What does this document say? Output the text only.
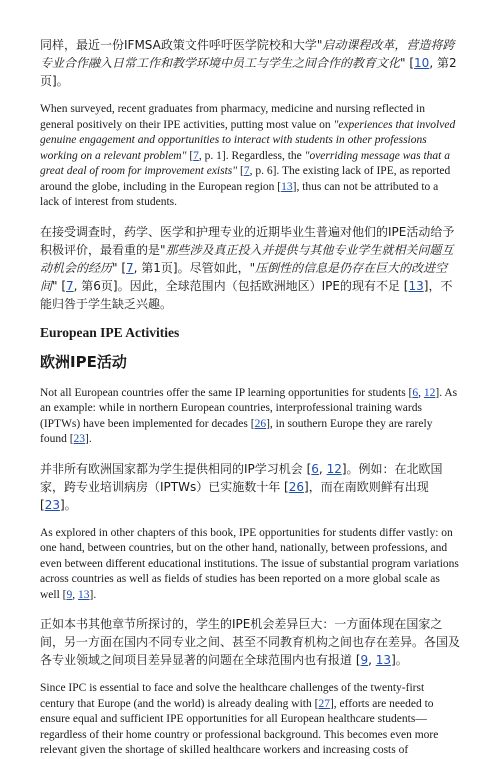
同样，最近一份IFMSA政策文件呼吁医学院校和大学"启动课程改革，营造将跨专业合作融入日常工作和教学环境中员工与学生之间合作的教育文化" [10, 第2页]。

When surveyed, recent graduates from pharmacy, medicine and nursing reflected in general positively on their IPE activities, putting most value on "experiences that involved genuine engagement and opportunities to interact with students in other professions working on a relevant problem" [7, p. 1]. Regardless, the "overriding message was that a great deal of room for improvement exists" [7, p. 6]. The existing lack of IPE, as reported around the globe, including in the European region [13], thus can not be attributed to a lack of interest from students.

在接受调查时，药学、医学和护理专业的近期毕业生普遍对他们的IPE活动给予积极评价，最看重的是"那些涉及真正投入并提供与其他专业学生就相关问题互动机会的经历" [7, 第1页]。尽管如此，"压倒性的信息是仍存在巨大的改进空间" [7, 第6页]。因此，全球范围内（包括欧洲地区）IPE的现有不足 [13]，不能归咎于学生缺乏兴趣。

European IPE Activities
欧洲IPE活动

Not all European countries offer the same IP learning opportunities for students [6, 12]. As an example: while in northern European countries, interprofessional training wards (IPTWs) have been implemented for decades [26], in southern Europe they are rarely found [23].

并非所有欧洲国家都为学生提供相同的IP学习机会 [6, 12]。例如：在北欧国家，跨专业培训病房（IPTWs）已实施数十年 [26]，而在南欧则鲜有出现 [23]。

As explored in other chapters of this book, IPE opportunities for students differ vastly: on one hand, between countries, but on the other hand, nationally, between professions, and even between different educational institutions. The issue of substantial program variations across countries as well as fields of studies has been reported on a more global scale as well [9, 13].

正如本书其他章节所探讨的，学生的IPE机会差异巨大：一方面体现在国家之间，另一方面在国内不同专业之间、甚至不同教育机构之间也存在差异。各国及各专业领域之间项目差异显著的问题在全球范围内也有报道 [9, 13]。

Since IPC is essential to face and solve the healthcare challenges of the twenty-first century that Europe (and the world) is already dealing with [27], efforts are needed to ensure equal and sufficient IPE opportunities for all European healthcare students—regardless of their home country or professional background. This becomes even more relevant given the shortage of skilled healthcare workers and increasing costs of
